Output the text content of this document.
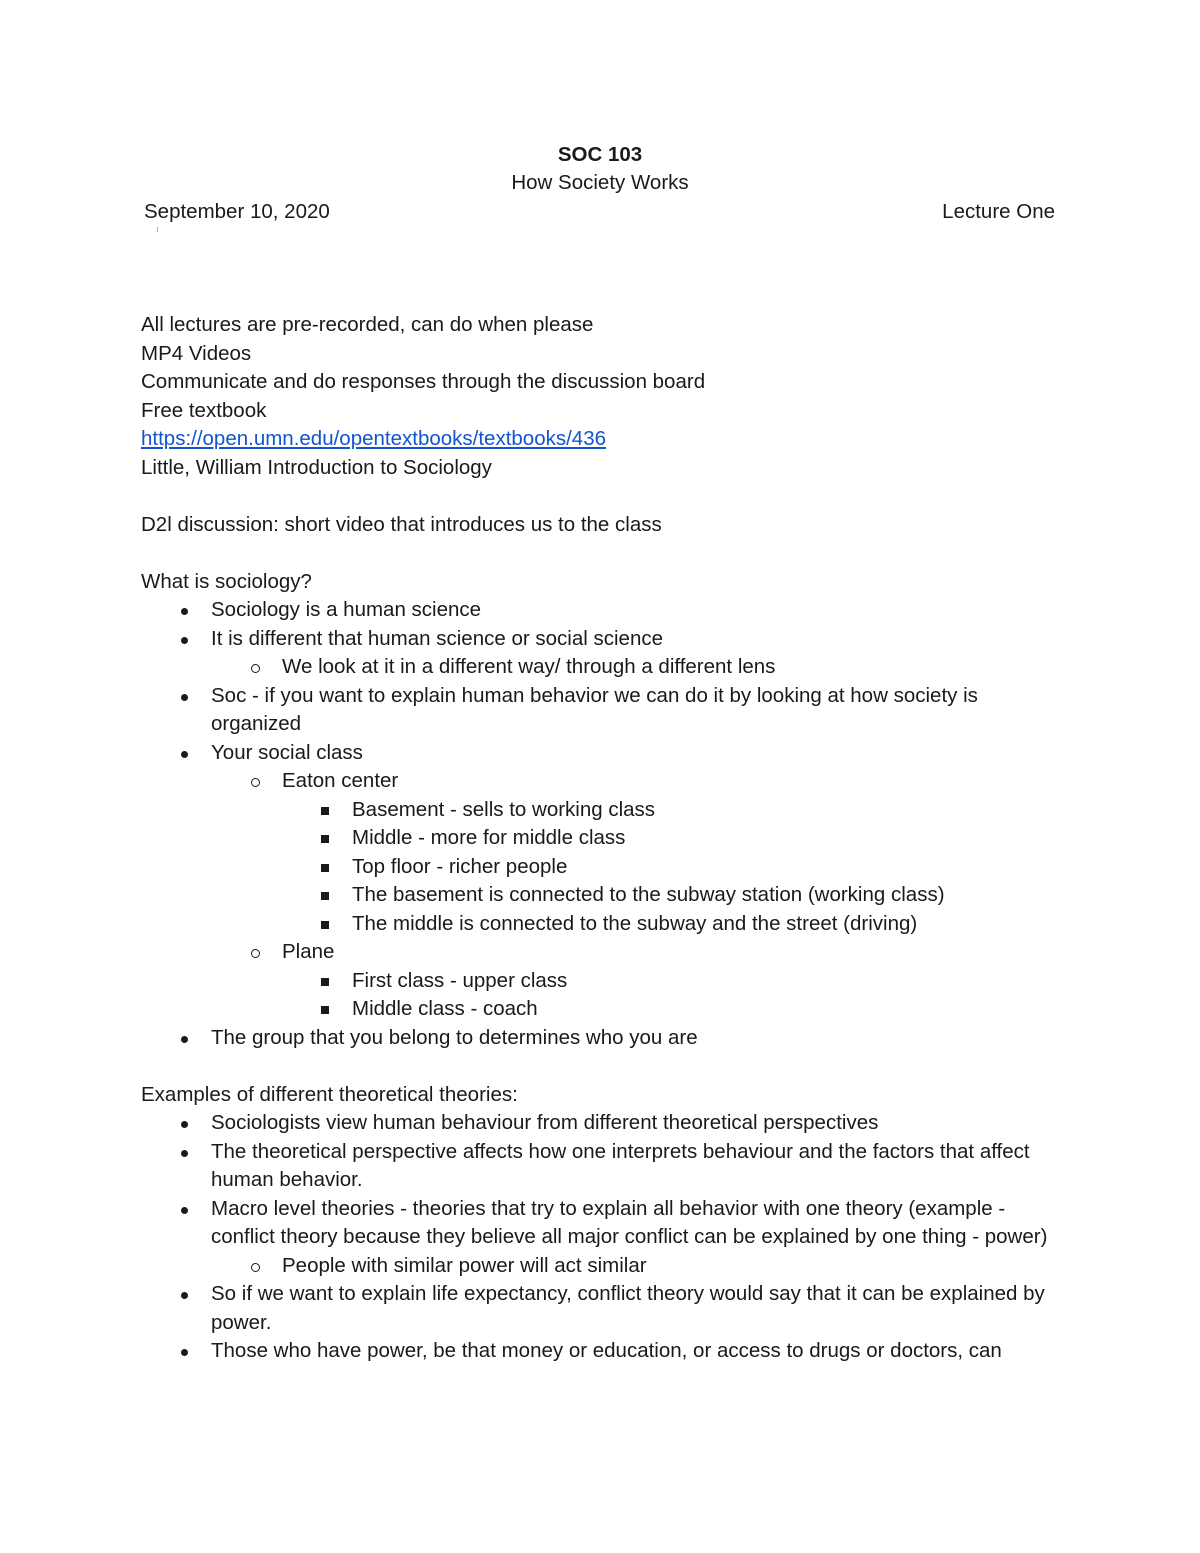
SOC 103
How Society Works
September 10, 2020	Lecture One
All lectures are pre-recorded, can do when please
MP4 Videos
Communicate and do responses through the discussion board
Free textbook
https://open.umn.edu/opentextbooks/textbooks/436
Little, William Introduction to Sociology
D2l discussion: short video that introduces us to the class
What is sociology?
Sociology is a human science
It is different that human science or social science
We look at it in a different way/ through a different lens
Soc - if you want to explain human behavior we can do it by looking at how society is organized
Your social class
Eaton center
Basement - sells to working class
Middle - more for middle class
Top floor - richer people
The basement is connected to the subway station (working class)
The middle is connected to the subway and the street (driving)
Plane
First class - upper class
Middle class - coach
The group that you belong to determines who you are
Examples of different theoretical theories:
Sociologists view human behaviour from different theoretical perspectives
The theoretical perspective affects how one interprets behaviour and the factors that affect human behavior.
Macro level theories - theories that try to explain all behavior with one theory (example - conflict theory because they believe all major conflict can be explained by one thing - power)
People with similar power will act similar
So if we want to explain life expectancy, conflict theory would say that it can be explained by power.
Those who have power, be that money or education, or access to drugs or doctors, can
